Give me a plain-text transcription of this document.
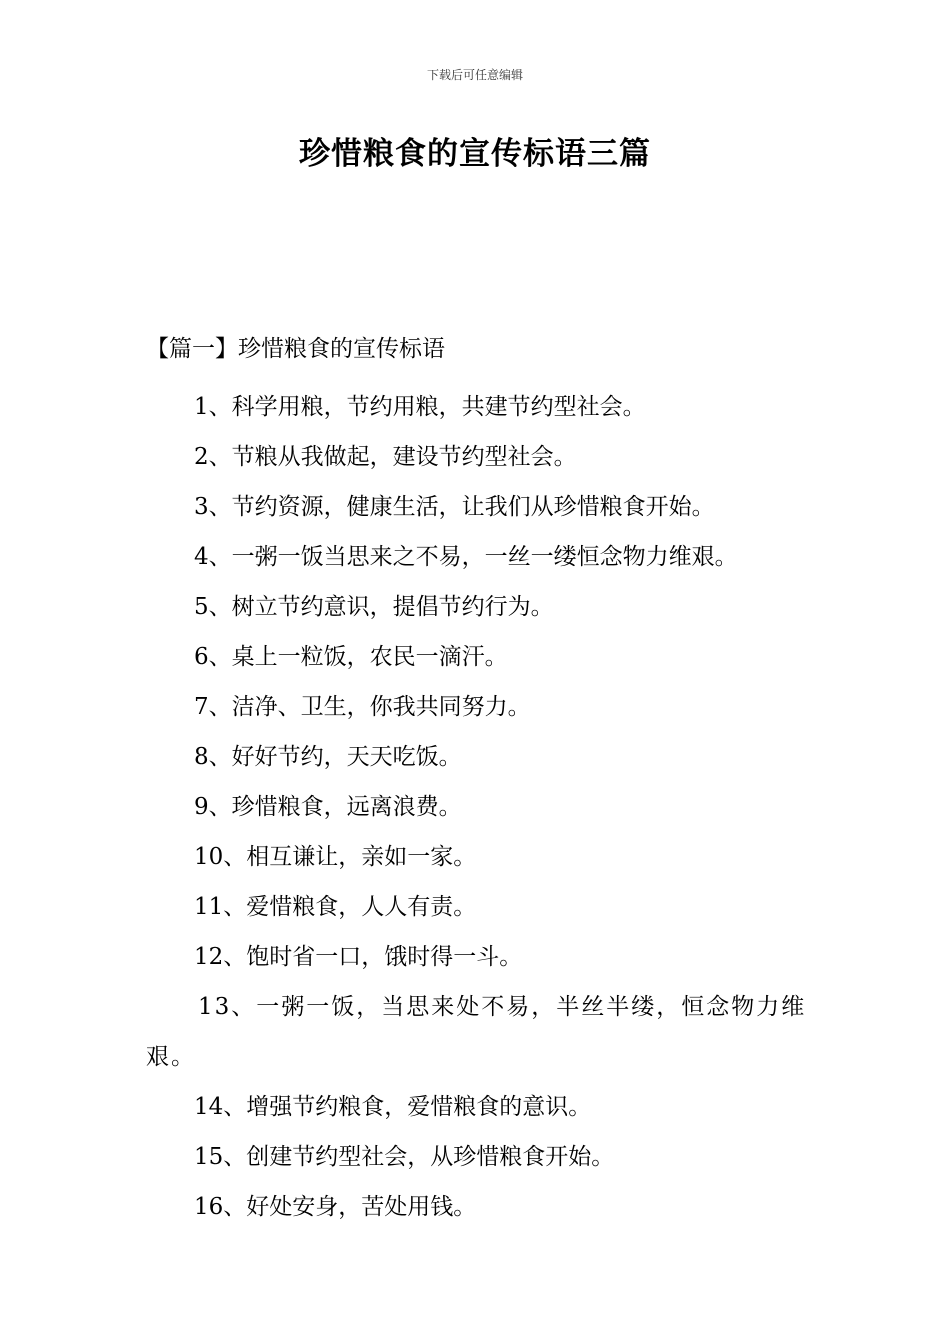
下载后可任意编辑
珍惜粮食的宣传标语三篇
【篇一】珍惜粮食的宣传标语
1、科学用粮，节约用粮，共建节约型社会。
2、节粮从我做起，建设节约型社会。
3、节约资源，健康生活，让我们从珍惜粮食开始。
4、一粥一饭当思来之不易，一丝一缕恒念物力维艰。
5、树立节约意识，提倡节约行为。
6、桌上一粒饭，农民一滴汗。
7、洁净、卫生，你我共同努力。
8、好好节约，天天吃饭。
9、珍惜粮食，远离浪费。
10、相互谦让，亲如一家。
11、爱惜粮食，人人有责。
12、饱时省一口，饿时得一斗。
13、一粥一饭，当思来处不易，半丝半缕，恒念物力维艰。
14、增强节约粮食，爱惜粮食的意识。
15、创建节约型社会，从珍惜粮食开始。
16、好处安身，苦处用钱。
